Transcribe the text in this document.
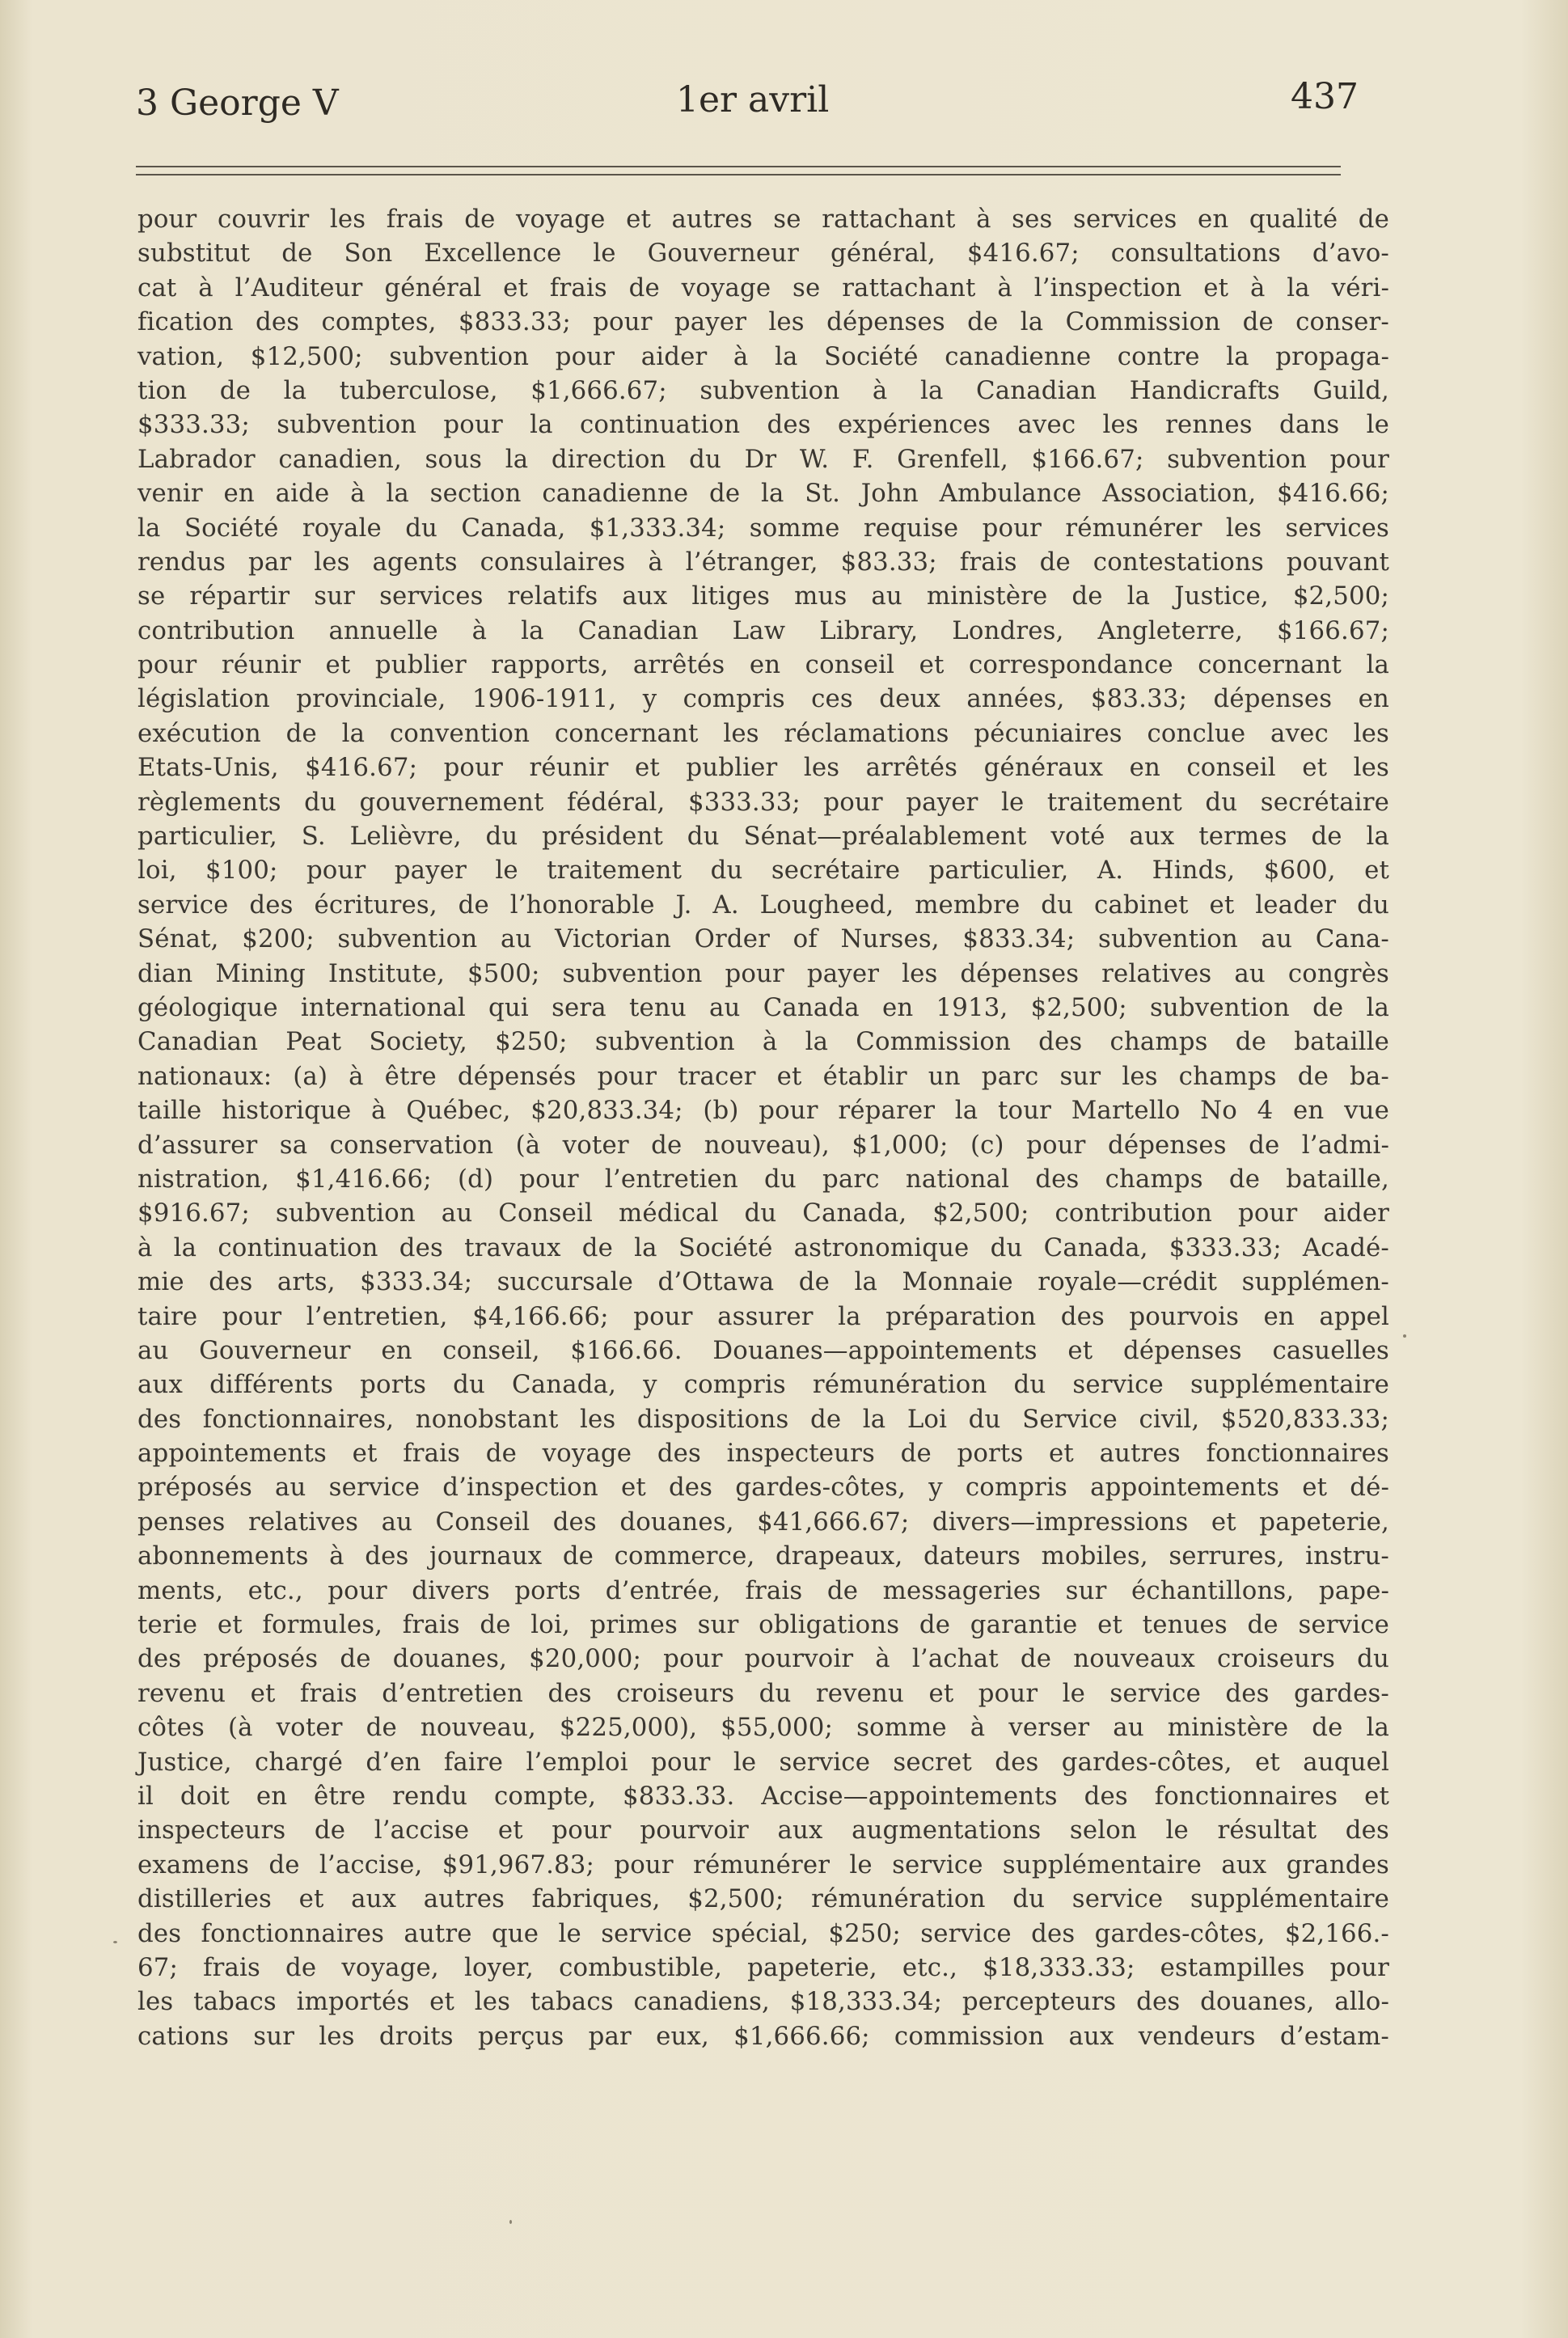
3 George V	1er avril	437
pour couvrir les frais de voyage et autres se rattachant à ses services en qualité de
substitut de Son Excellence le Gouverneur général, $416.67; consultations d’avo-
cat à l’Auditeur général et frais de voyage se rattachant à l’inspection et à la véri-
fication des comptes, $833.33; pour payer les dépenses de la Commission de conser-
vation, $12,500; subvention pour aider à la Société canadienne contre la propaga-
tion de la tuberculose, $1,666.67; subvention à la Canadian Handicrafts Guild,
$333.33; subvention pour la continuation des expériences avec les rennes dans le
Labrador canadien, sous la direction du Dr W. F. Grenfell, $166.67; subvention pour
venir en aide à la section canadienne de la St. John Ambulance Association, $416.66;
la Société royale du Canada, $1,333.34; somme requise pour rémunérer les services
rendus par les agents consulaires à l’étranger, $83.33; frais de contestations pouvant
se répartir sur services relatifs aux litiges mus au ministère de la Justice, $2,500;
contribution annuelle à la Canadian Law Library, Londres, Angleterre, $166.67;
pour réunir et publier rapports, arrêtés en conseil et correspondance concernant la
législation provinciale, 1906-1911, y compris ces deux années, $83.33; dépenses en
exécution de la convention concernant les réclamations pécuniaires conclue avec les
Etats-Unis, $416.67; pour réunir et publier les arrêtés généraux en conseil et les
règlements du gouvernement fédéral, $333.33; pour payer le traitement du secrétaire
particulier, S. Lelièvre, du président du Sénat—préalablement voté aux termes de la
loi, $100; pour payer le traitement du secrétaire particulier, A. Hinds, $600, et
service des écritures, de l’honorable J. A. Lougheed, membre du cabinet et leader du
Sénat, $200; subvention au Victorian Order of Nurses, $833.34; subvention au Cana-
dian Mining Institute, $500; subvention pour payer les dépenses relatives au congrès
géologique international qui sera tenu au Canada en 1913, $2,500; subvention de la
Canadian Peat Society, $250; subvention à la Commission des champs de bataille
nationaux: (a) à être dépensés pour tracer et établir un parc sur les champs de ba-
taille historique à Québec, $20,833.34; (b) pour réparer la tour Martello No 4 en vue
d’assurer sa conservation (à voter de nouveau), $1,000; (c) pour dépenses de l’admi-
nistration, $1,416.66; (d) pour l’entretien du parc national des champs de bataille,
$916.67; subvention au Conseil médical du Canada, $2,500; contribution pour aider
à la continuation des travaux de la Société astronomique du Canada, $333.33; Acadé-
mie des arts, $333.34; succursale d’Ottawa de la Monnaie royale—crédit supplémen-
taire pour l’entretien, $4,166.66; pour assurer la préparation des pourvois en appel
au Gouverneur en conseil, $166.66. Douanes—appointements et dépenses casuelles
aux différents ports du Canada, y compris rémunération du service supplémentaire
des fonctionnaires, nonobstant les dispositions de la Loi du Service civil, $520,833.33;
appointements et frais de voyage des inspecteurs de ports et autres fonctionnaires
préposés au service d’inspection et des gardes-côtes, y compris appointements et dé-
penses relatives au Conseil des douanes, $41,666.67; divers—impressions et papeterie,
abonnements à des journaux de commerce, drapeaux, dateurs mobiles, serrures, instru-
ments, etc., pour divers ports d’entrée, frais de messageries sur échantillons, pape-
terie et formules, frais de loi, primes sur obligations de garantie et tenues de service
des préposés de douanes, $20,000; pour pourvoir à l’achat de nouveaux croiseurs du
revenu et frais d’entretien des croiseurs du revenu et pour le service des gardes-
côtes (à voter de nouveau, $225,000), $55,000; somme à verser au ministère de la
Justice, chargé d’en faire l’emploi pour le service secret des gardes-côtes, et auquel
il doit en être rendu compte, $833.33. Accise—appointements des fonctionnaires et
inspecteurs de l’accise et pour pourvoir aux augmentations selon le résultat des
examens de l’accise, $91,967.83; pour rémunérer le service supplémentaire aux grandes
distilleries et aux autres fabriques, $2,500; rémunération du service supplémentaire
des fonctionnaires autre que le service spécial, $250; service des gardes-côtes, $2,166.-
67; frais de voyage, loyer, combustible, papeterie, etc., $18,333.33; estampilles pour
les tabacs importés et les tabacs canadiens, $18,333.34; percepteurs des douanes, allo-
cations sur les droits perçus par eux, $1,666.66; commission aux vendeurs d’estam-
